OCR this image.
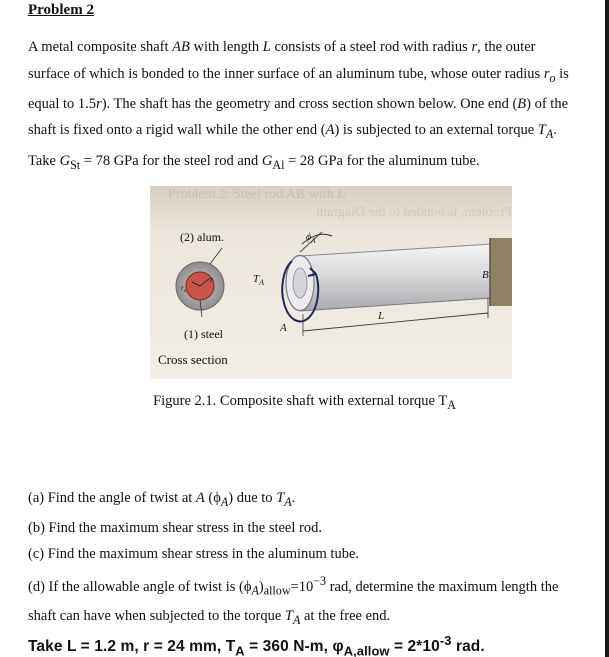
Problem 2

A metal composite shaft AB with length L consists of a steel rod with radius r, the outer surface of which is bonded to the inner surface of an aluminum tube, whose outer radius $r_o$ is equal to 1.5r). The shaft has the geometry and cross section shown below. One end (B) of the shaft is fixed onto a rigid wall while the other end (A) is subjected to an external torque $T_A$.

Take $G_{St} = 78$ GPa for the steel rod and $G_{Al} = 28$ GPa for the aluminum tube.

Problem 2. Steel rod AB with L
Problem, is bonded to the Diagram
$\phi_A$
L
A
B
$r_o$
r	$T_A$
(2) alum.
(1) steel
Cross section
Figure 2.1. Composite shaft with external torque $T_A$

(a) Find the angle of twist at A $(\phi_A)$ due to $T_A$.

(b) Find the maximum shear stress in the steel rod.

(c) Find the maximum shear stress in the aluminum tube.

(d) If the allowable angle of twist is $(\phi_A)_{allow}=10^{-3}$ rad, determine the maximum length the shaft can have when subjected to the torque $T_A$ at the free end.

Take L = 1.2 m, r = 24 mm, $T_A = 360$ N-m, $\varphi_{A,allow} = 2*10^{-3}$ rad.
